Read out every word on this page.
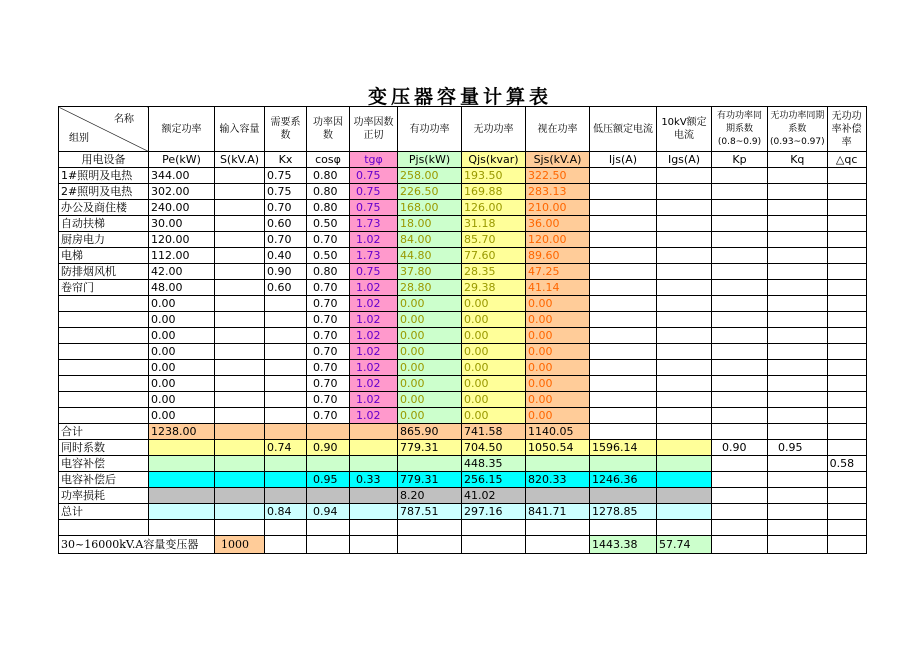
变压器容量计算表
名称
组别	额定功率	输入容量	需要系数	功率因数	功率因数正切	有功功率	无功功率	视在功率	低压额定电流	10kV额定电流	有功功率同期系数(0.8~0.9)	无功功率同期系数(0.93~0.97)	无功功率补偿率
用电设备	Pe(kW)	S(kV.A)	Kx	cosφ	tgφ	Pjs(kW)	Qjs(kvar)	Sjs(kV.A)	Ijs(A)	Igs(A)	Kp	Kq	△qc
1#照明及电热	344.00		0.75	0.80	0.75	258.00	193.50	322.50					
2#照明及电热	302.00		0.75	0.80	0.75	226.50	169.88	283.13					
办公及商住楼	240.00		0.70	0.80	0.75	168.00	126.00	210.00					
自动扶梯	30.00		0.60	0.50	1.73	18.00	31.18	36.00					
厨房电力	120.00		0.70	0.70	1.02	84.00	85.70	120.00					
电梯	112.00		0.40	0.50	1.73	44.80	77.60	89.60					
防排烟风机	42.00		0.90	0.80	0.75	37.80	28.35	47.25					
卷帘门	48.00		0.60	0.70	1.02	28.80	29.38	41.14					
	0.00			0.70	1.02	0.00	0.00	0.00					
	0.00			0.70	1.02	0.00	0.00	0.00					
	0.00			0.70	1.02	0.00	0.00	0.00					
	0.00			0.70	1.02	0.00	0.00	0.00					
	0.00			0.70	1.02	0.00	0.00	0.00					
	0.00			0.70	1.02	0.00	0.00	0.00					
	0.00			0.70	1.02	0.00	0.00	0.00					
	0.00			0.70	1.02	0.00	0.00	0.00					
合计	1238.00					865.90	741.58	1140.05					
同时系数			0.74	0.90		779.31	704.50	1050.54	1596.14		0.90	0.95	
电容补偿							448.35						0.58
电容补偿后				0.95	0.33	779.31	256.15	820.33	1246.36				
功率损耗						8.20	41.02						
总计			0.84	0.94		787.51	297.16	841.71	1278.85				

30~16000kV.A容量变压器		1000							1443.38	57.74			
